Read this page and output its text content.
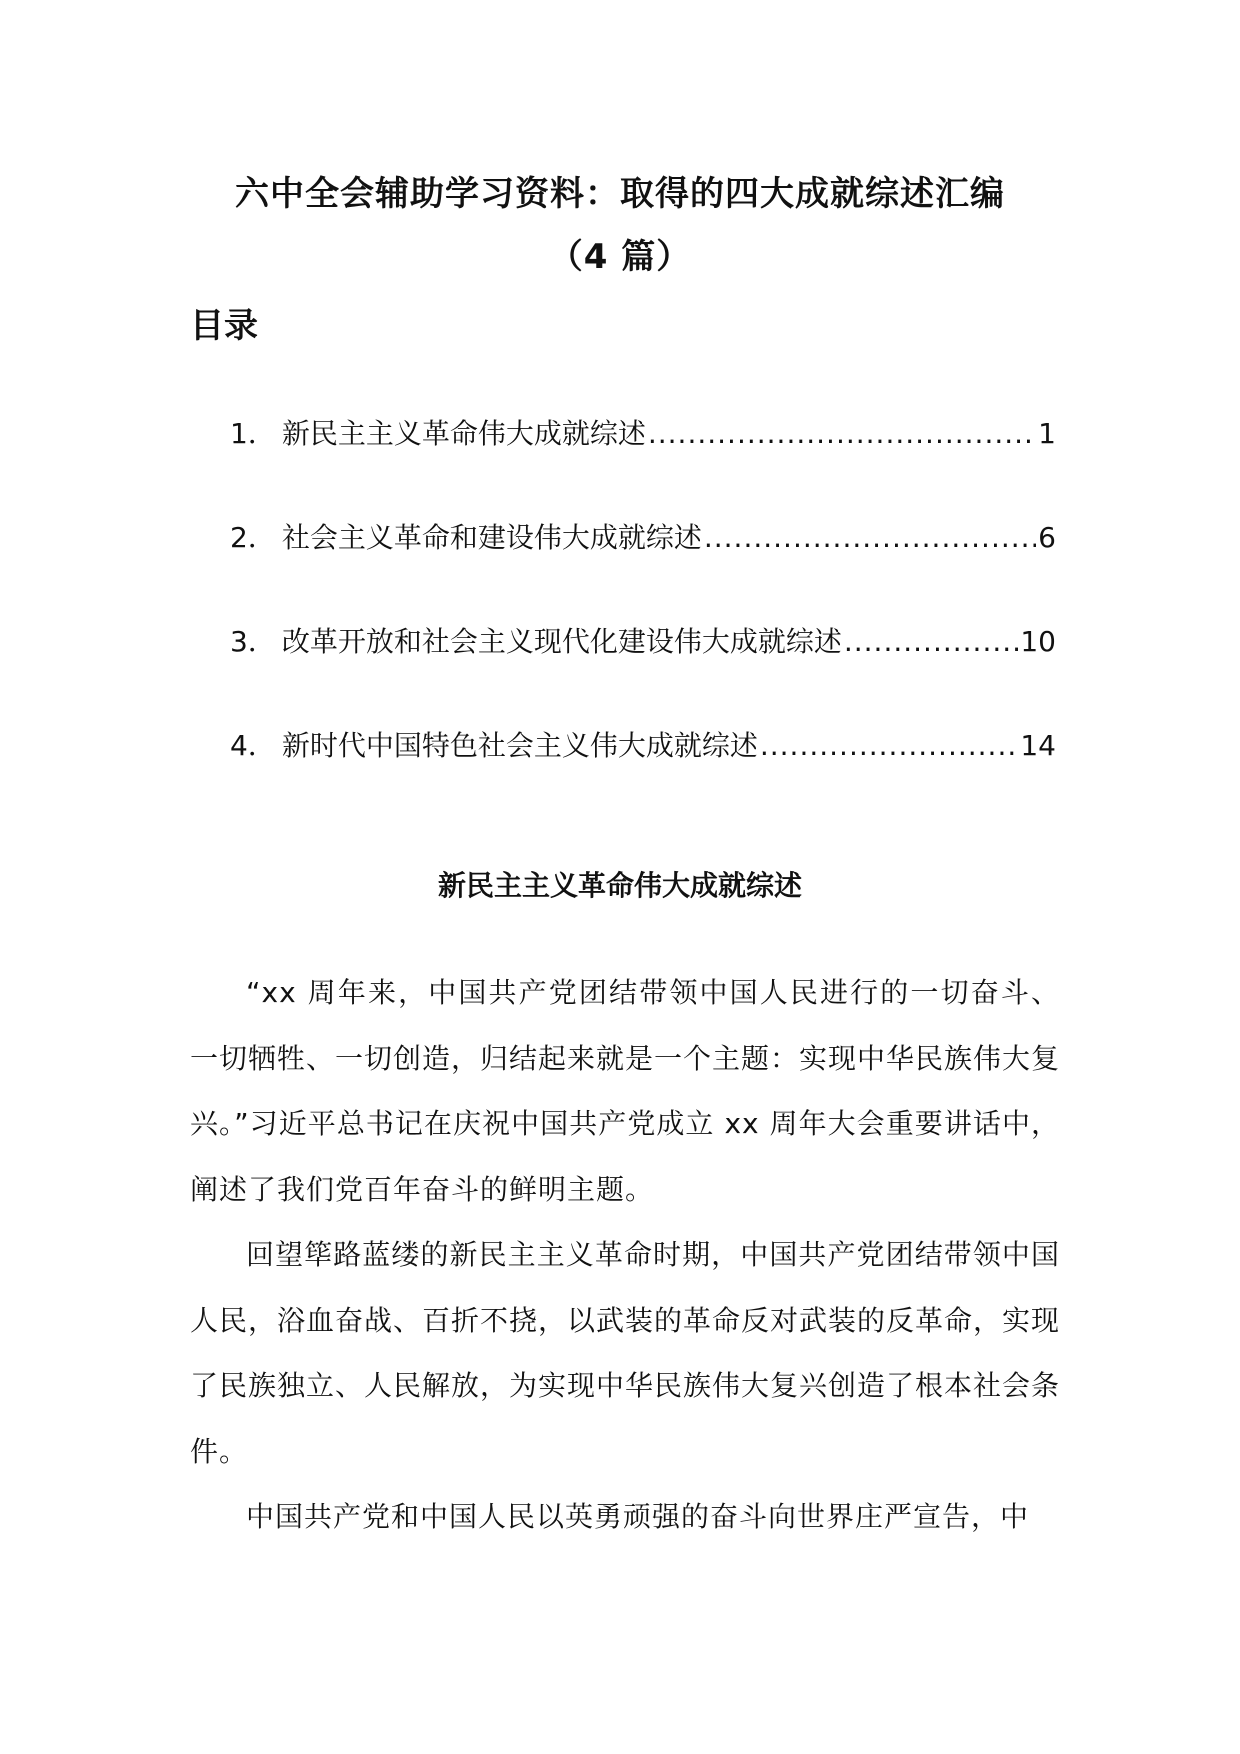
六中全会辅助学习资料：取得的四大成就综述汇编
（4 篇）
目录
1． 新民主主义革命伟大成就综述 .....	1
2． 社会主义革命和建设伟大成就综述 .....	6
3． 改革开放和社会主义现代化建设伟大成就综述 .....	10
4． 新时代中国特色社会主义伟大成就综述 .....	14
新民主主义革命伟大成就综述

“xx 周年来，中国共产党团结带领中国人民进行的一切奋斗、一切牺牲、一切创造，归结起来就是一个主题：实现中华民族伟大复兴。”习近平总书记在庆祝中国共产党成立 xx 周年大会重要讲话中，阐述了我们党百年奋斗的鲜明主题。

回望筚路蓝缕的新民主主义革命时期，中国共产党团结带领中国人民，浴血奋战、百折不挠，以武装的革命反对武装的反革命，实现了民族独立、人民解放，为实现中华民族伟大复兴创造了根本社会条件。

中国共产党和中国人民以英勇顽强的奋斗向世界庄严宣告，中
